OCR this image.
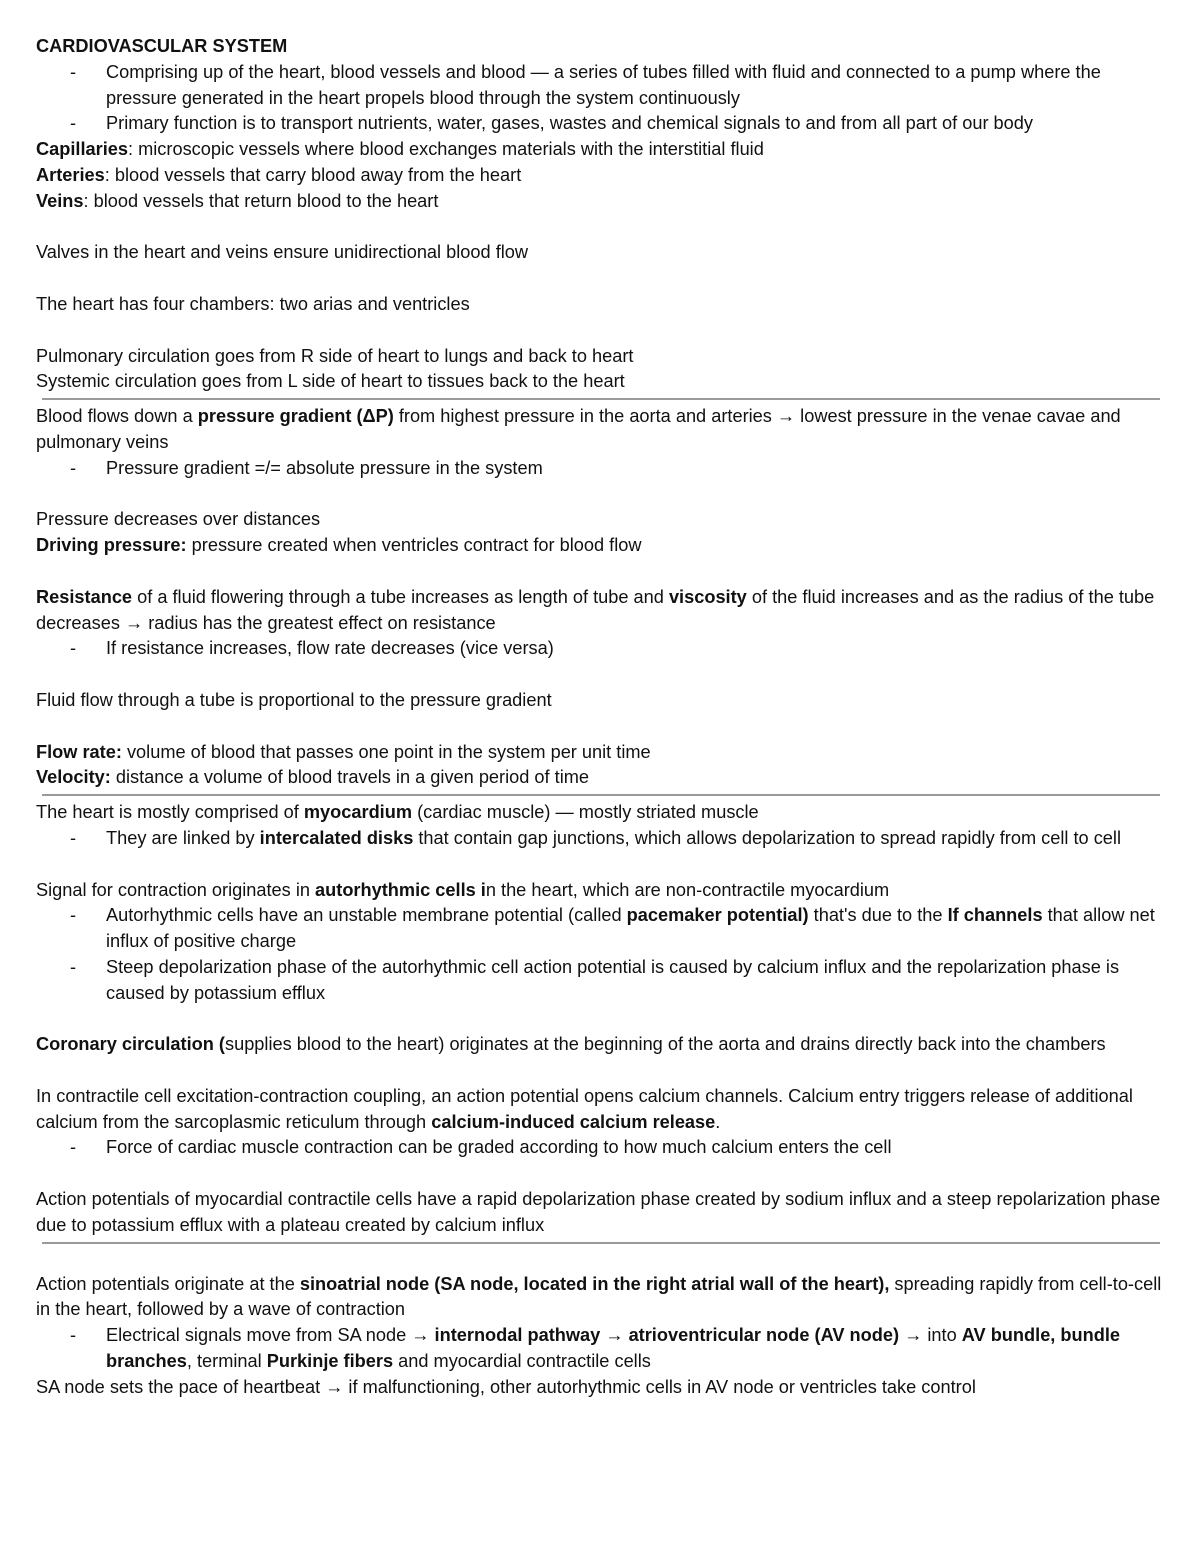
CARDIOVASCULAR SYSTEM

- Comprising up of the heart, blood vessels and blood — a series of tubes filled with fluid and connected to a pump where the pressure generated in the heart propels blood through the system continuously
- Primary function is to transport nutrients, water, gases, wastes and chemical signals to and from all part of our body

Capillaries: microscopic vessels where blood exchanges materials with the interstitial fluid

Arteries: blood vessels that carry blood away from the heart

Veins: blood vessels that return blood to the heart

Valves in the heart and veins ensure unidirectional blood flow

The heart has four chambers: two arias and ventricles

Pulmonary circulation goes from R side of heart to lungs and back to heart

Systemic circulation goes from L side of heart to tissues back to the heart

Blood flows down a pressure gradient (ΔP) from highest pressure in the aorta and arteries → lowest pressure in the venae cavae and pulmonary veins

- Pressure gradient =/= absolute pressure in the system

Pressure decreases over distances

Driving pressure: pressure created when ventricles contract for blood flow

Resistance of a fluid flowering through a tube increases as length of tube and viscosity of the fluid increases and as the radius of the tube decreases → radius has the greatest effect on resistance

- If resistance increases, flow rate decreases (vice versa)

Fluid flow through a tube is proportional to the pressure gradient

Flow rate: volume of blood that passes one point in the system per unit time

Velocity: distance a volume of blood travels in a given period of time

The heart is mostly comprised of myocardium (cardiac muscle) — mostly striated muscle

- They are linked by intercalated disks that contain gap junctions, which allows depolarization to spread rapidly from cell to cell

Signal for contraction originates in autorhythmic cells in the heart, which are non-contractile myocardium

- Autorhythmic cells have an unstable membrane potential (called pacemaker potential) that's due to the If channels that allow net influx of positive charge
- Steep depolarization phase of the autorhythmic cell action potential is caused by calcium influx and the repolarization phase is caused by potassium efflux

Coronary circulation (supplies blood to the heart) originates at the beginning of the aorta and drains directly back into the chambers

In contractile cell excitation-contraction coupling, an action potential opens calcium channels. Calcium entry triggers release of additional calcium from the sarcoplasmic reticulum through calcium-induced calcium release.

- Force of cardiac muscle contraction can be graded according to how much calcium enters the cell

Action potentials of myocardial contractile cells have a rapid depolarization phase created by sodium influx and a steep repolarization phase due to potassium efflux with a plateau created by calcium influx

Action potentials originate at the sinoatrial node (SA node, located in the right atrial wall of the heart), spreading rapidly from cell-to-cell in the heart, followed by a wave of contraction

- Electrical signals move from SA node → internodal pathway → atrioventricular node (AV node) → into AV bundle, bundle branches, terminal Purkinje fibers and myocardial contractile cells

SA node sets the pace of heartbeat → if malfunctioning, other autorhythmic cells in AV node or ventricles take control
